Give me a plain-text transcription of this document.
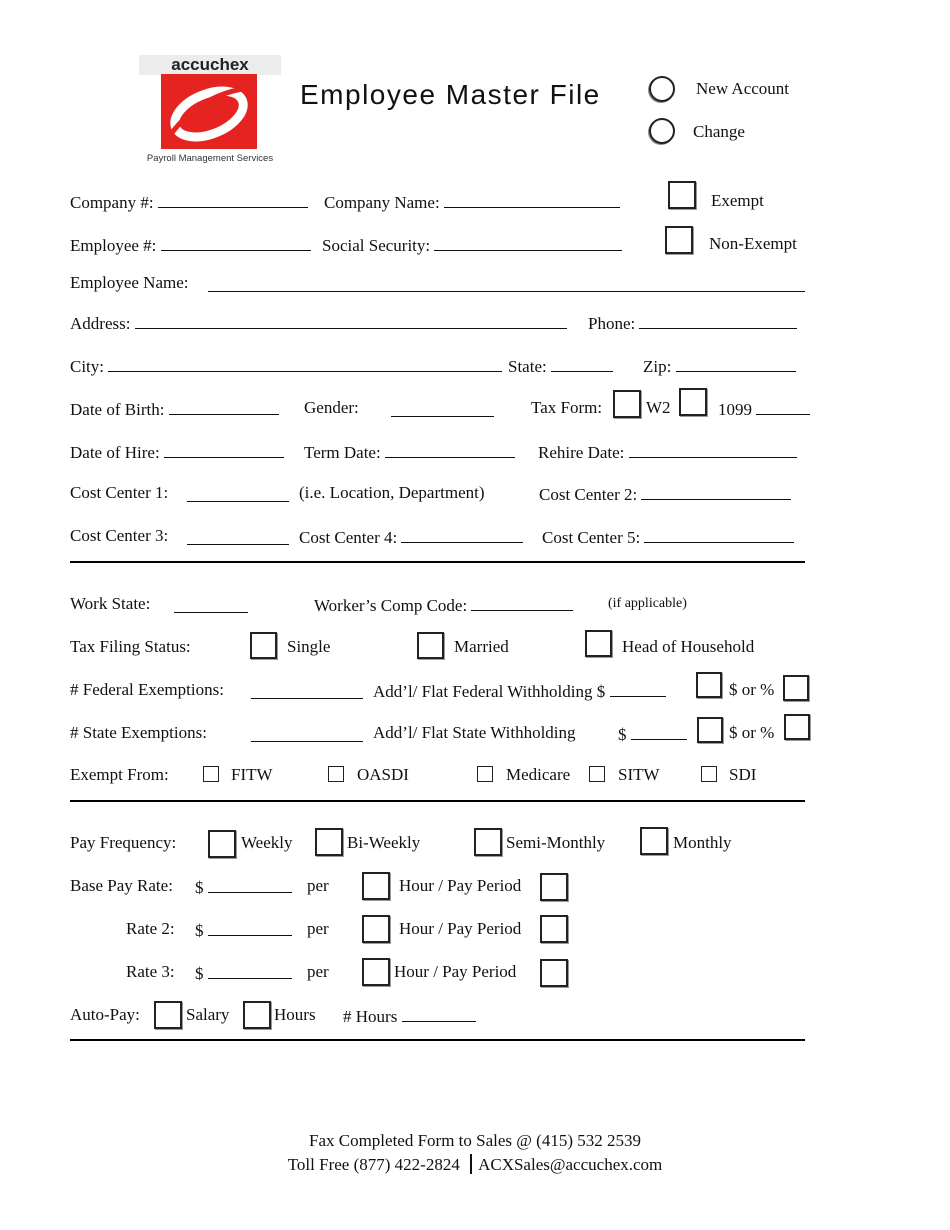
accuchex
Payroll Management Services
Employee Master File	New Account
Change
Exempt
Non-Exempt
Company #:	Company Name:
Employee #:	Social Security:
Employee Name:
Address:	Phone:
City:	State:	Zip:
Date of Birth:	Gender:	Tax Form:	W2	1099
Date of Hire:	Term Date:	Rehire Date:
Cost Center 1:	(i.e. Location, Department)	Cost Center 2:
Cost Center 3:	Cost Center 4:	Cost Center 5:
Work State:	Worker’s Comp Code:	(if applicable)
Tax Filing Status:	Single	Married	Head of Household
# Federal Exemptions:	Add’l/ Flat Federal Withholding $	$ or %
# State Exemptions:	Add’l/ Flat State Withholding $	$ or %
Exempt From:	FITW	OASDI	Medicare	SITW	SDI
Pay Frequency:	Weekly	Bi-Weekly	Semi-Monthly	Monthly
Base Pay Rate: $	per	Hour / Pay Period
Rate 2: $	per	Hour / Pay Period
Rate 3: $	per	Hour / Pay Period
Auto-Pay:	Salary	Hours # Hours
Fax Completed Form to Sales @ (415) 532 2539
Toll Free (877) 422-2824 ACXSales@accuchex.com
